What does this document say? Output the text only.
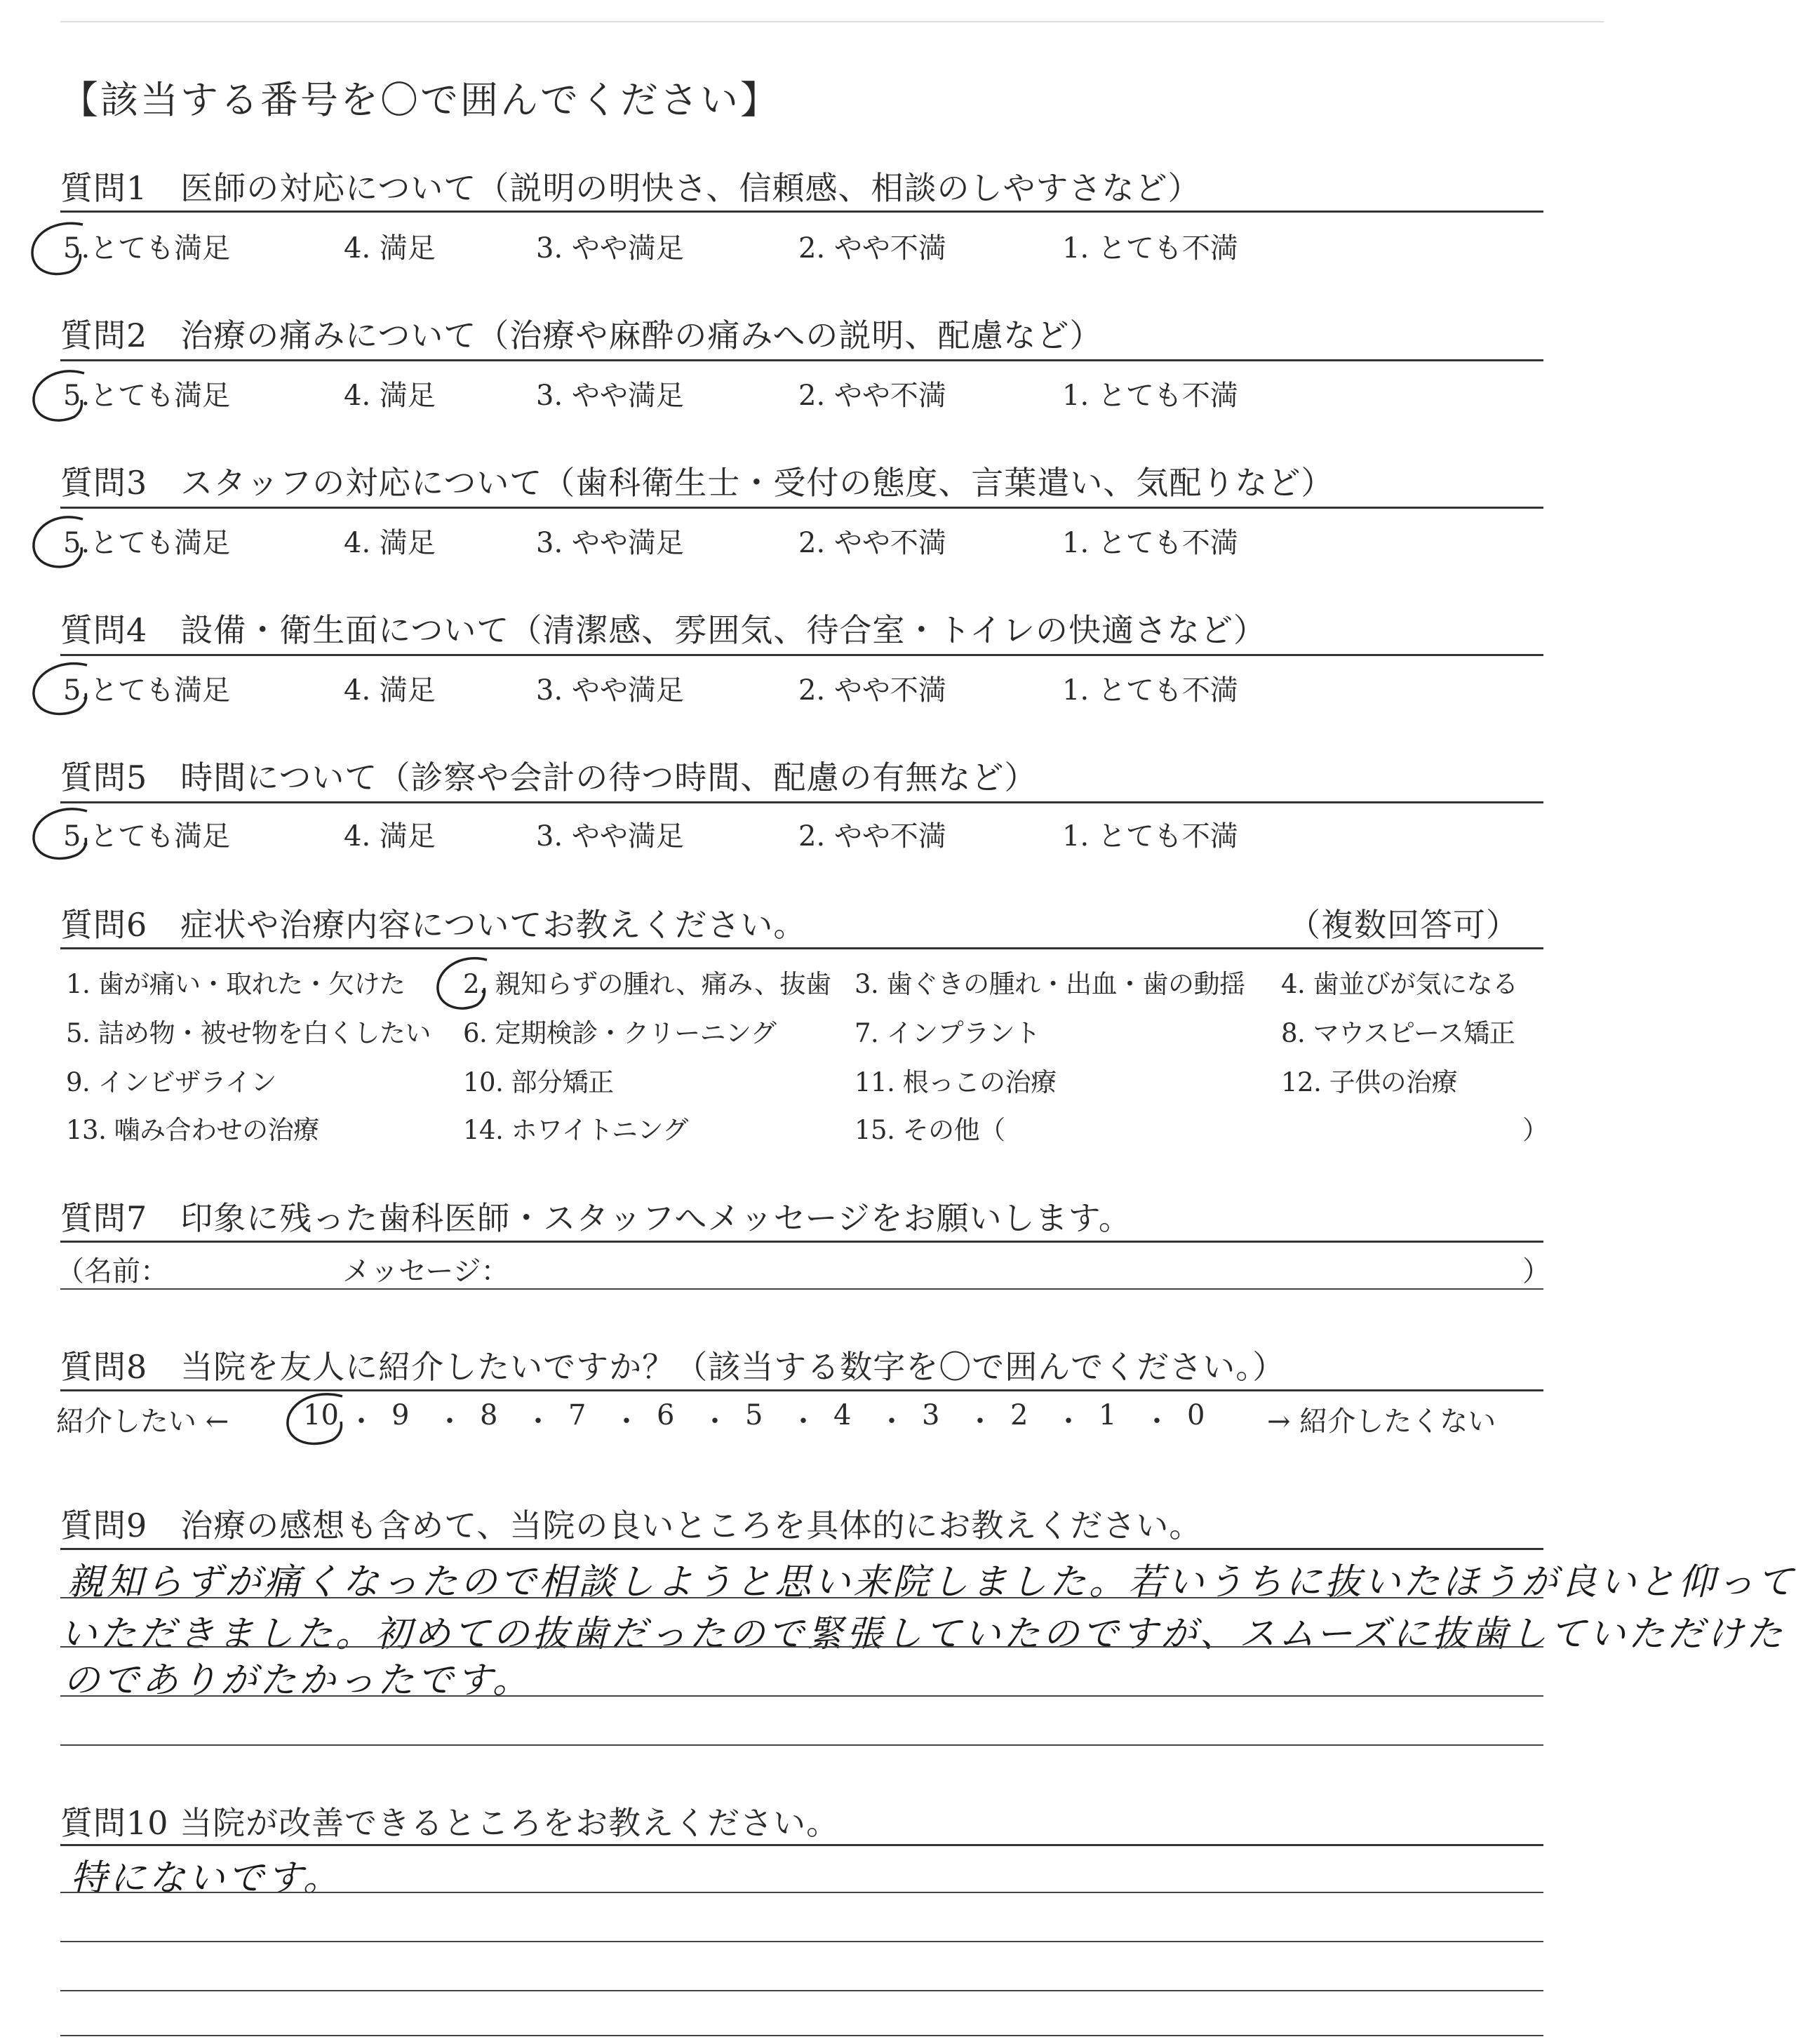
【該当する番号を〇で囲んでください】
質問1　医師の対応について（説明の明快さ、信頼感、相談のしやすさなど）
5.とても満足	4. 満足	3. やや満足	2. やや不満	1. とても不満
質問2　治療の痛みについて（治療や麻酔の痛みへの説明、配慮など）
5.とても満足	4. 満足	3. やや満足	2. やや不満	1. とても不満
質問3　スタッフの対応について（歯科衛生士・受付の態度、言葉遣い、気配りなど）
5.とても満足	4. 満足	3. やや満足	2. やや不満	1. とても不満
質問4　設備・衛生面について（清潔感、雰囲気、待合室・トイレの快適さなど）
5.とても満足	4. 満足	3. やや満足	2. やや不満	1. とても不満
質問5　時間について（診察や会計の待つ時間、配慮の有無など）
5.とても満足	4. 満足	3. やや満足	2. やや不満	1. とても不満
質問6　症状や治療内容についてお教えください。	（複数回答可）
1. 歯が痛い・取れた・欠けた 2. 親知らずの腫れ、痛み、抜歯 3. 歯ぐきの腫れ・出血・歯の動揺 4. 歯並びが気になる
5. 詰め物・被せ物を白くしたい 6. 定期検診・クリーニング	7. インプラント	8. マウスピース矯正
9. インビザライン	10. 部分矯正	11. 根っこの治療	12. 子供の治療
13. 噛み合わせの治療	14. ホワイトニング	15. その他（	）
質問7　印象に残った歯科医師・スタッフへメッセージをお願いします。
（名前：	メッセージ：	）
質問8　当院を友人に紹介したいですか？（該当する数字を〇で囲んでください。）
紹介したい ←	10 ・ 9 ・ 8 ・ 7 ・ 6 ・ 5 ・ 4 ・ 3 ・ 2 ・ 1 ・ 0 → 紹介したくない
質問9　治療の感想も含めて、当院の良いところを具体的にお教えください。
親知らずが痛くなったので相談しようと思い来院しました。若いうちに抜いたほうが良いと仰って
いただきました。初めての抜歯だったので緊張していたのですが、スムーズに抜歯していただけた
のでありがたかったです。
質問10 当院が改善できるところをお教えください。
特にないです。
